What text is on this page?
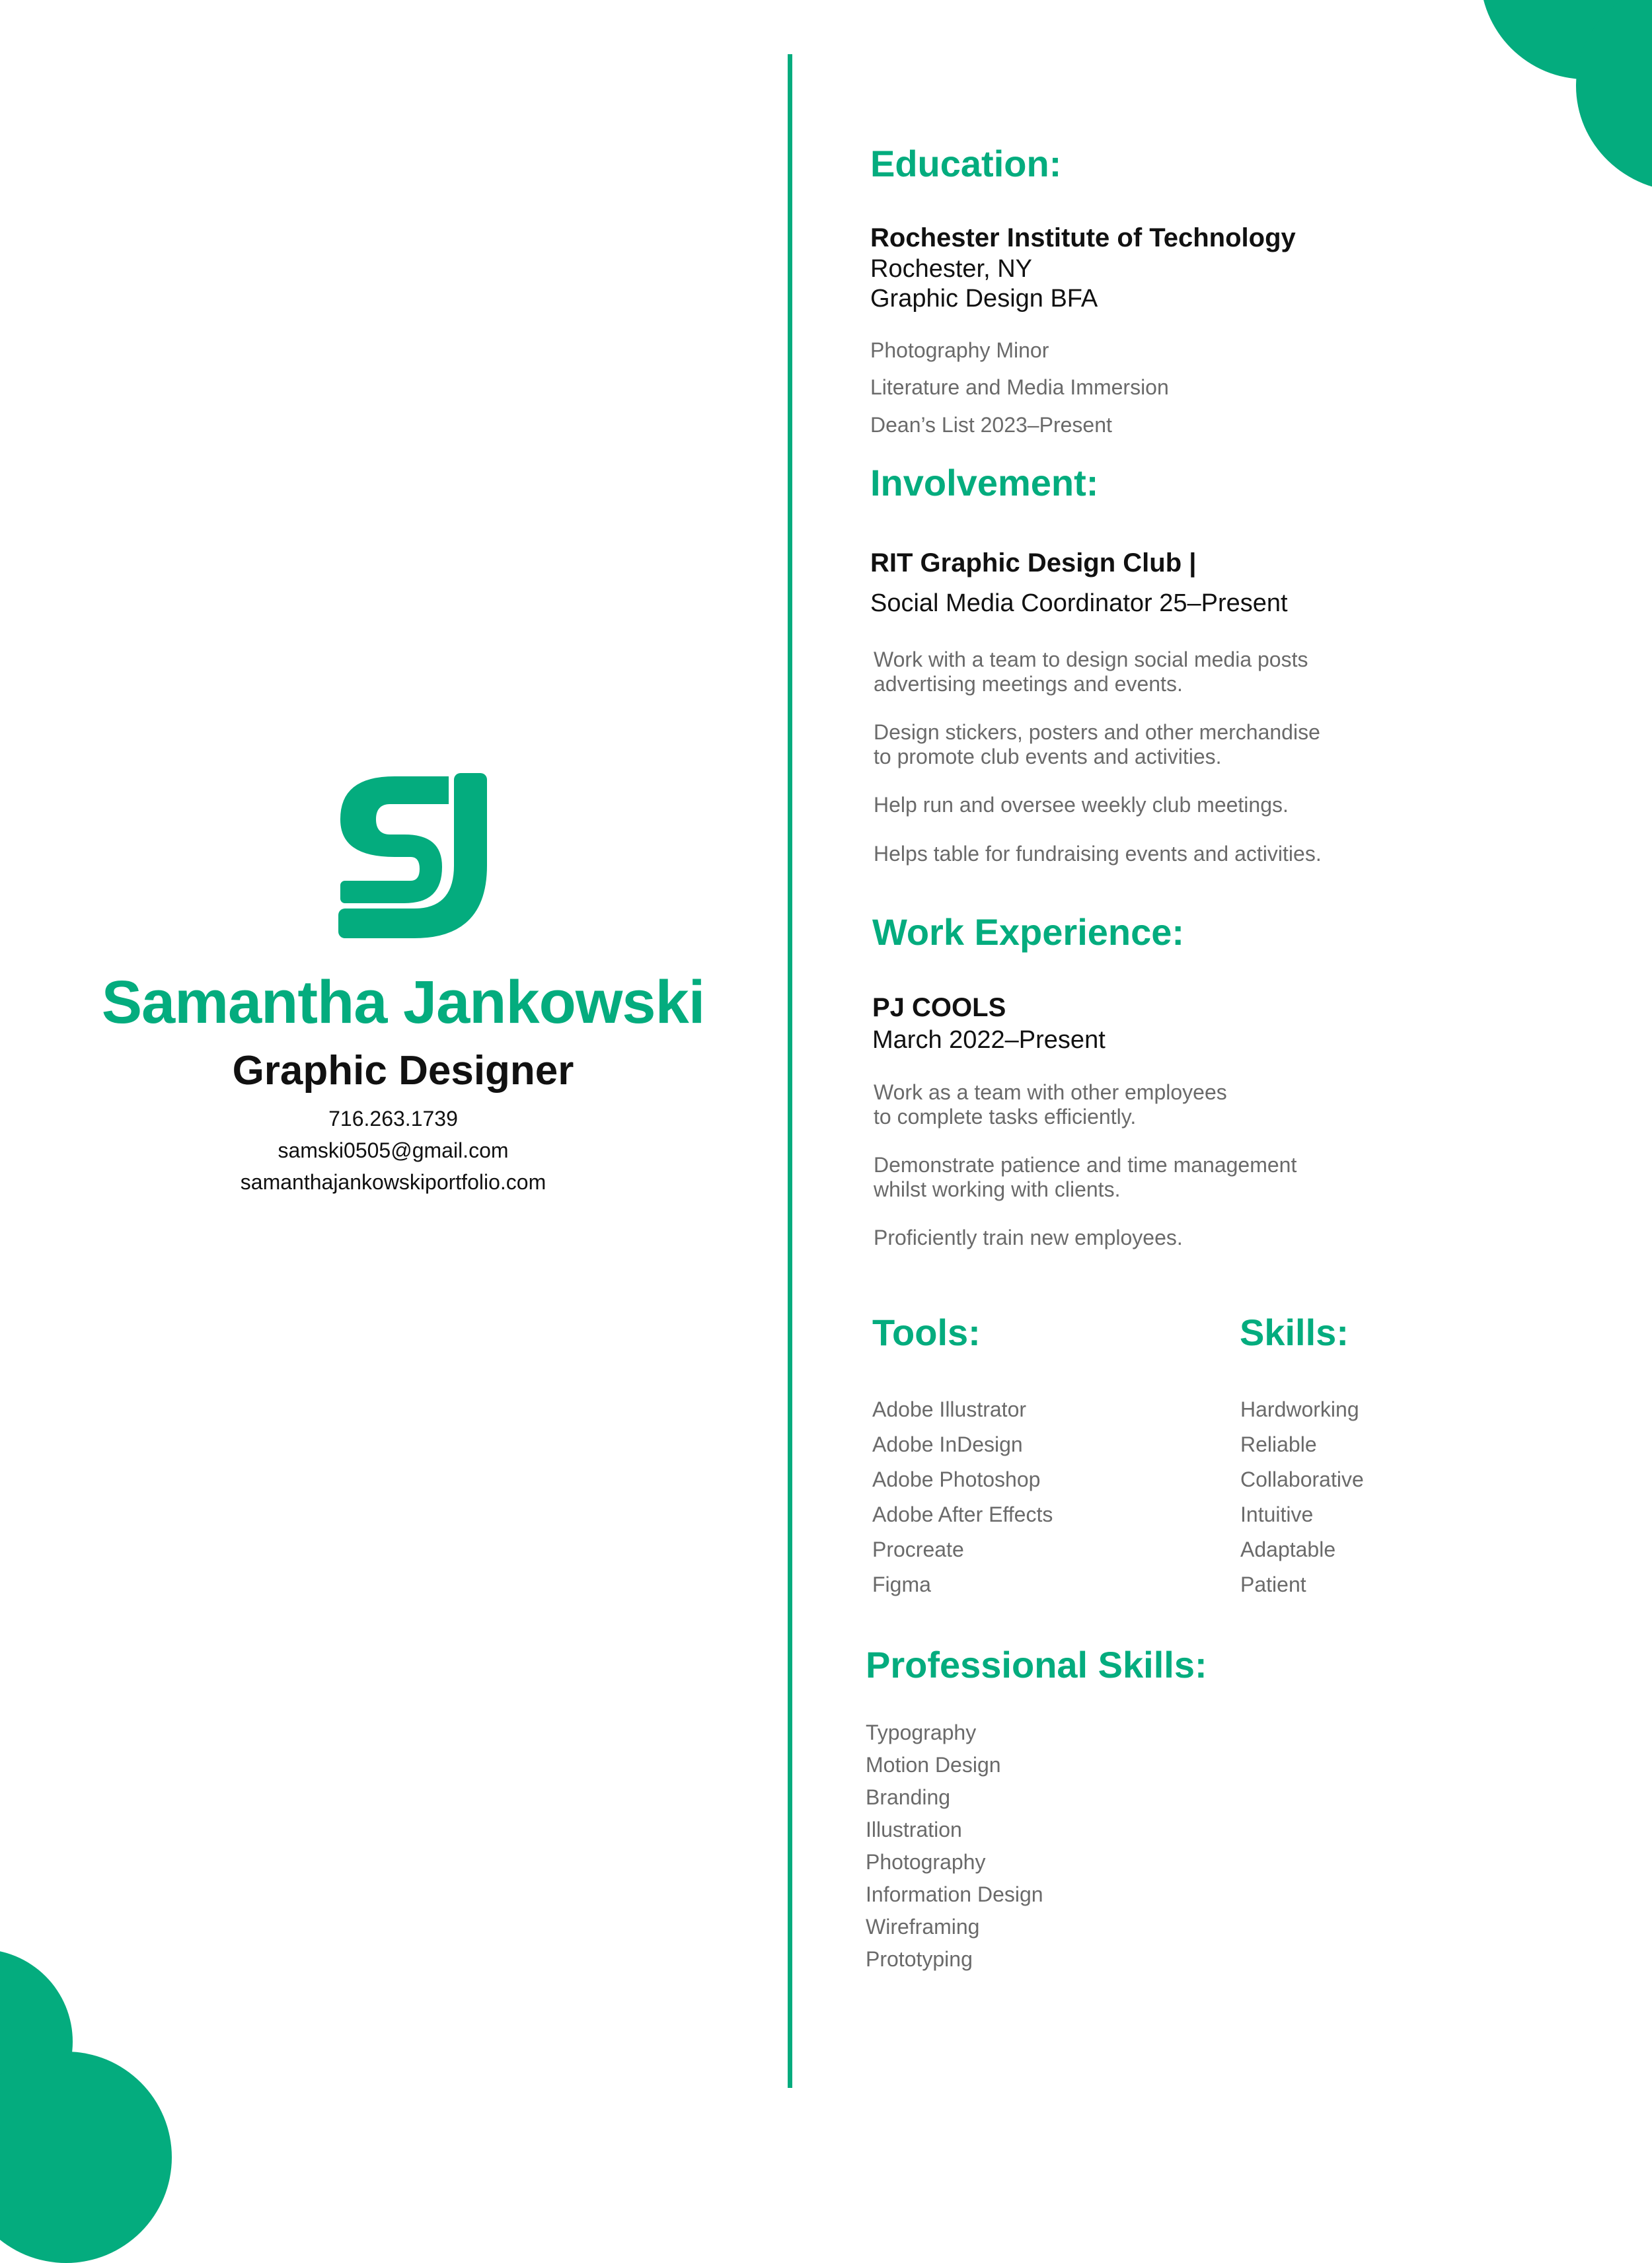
Samantha Jankowski
Graphic Designer
716.263.1739
samski0505@gmail.com
samanthajankowskiportfolio.com
Education:
Rochester Institute of Technology
Rochester, NY
Graphic Design BFA
Photography Minor
Literature and Media Immersion
Dean’s List 2023–Present
Involvement:
RIT Graphic Design Club |
Social Media Coordinator 25–Present
Work with a team to design social media posts
advertising meetings and events.
Design stickers, posters and other merchandise
to promote club events and activities.
Help run and oversee weekly club meetings.
Helps table for fundraising events and activities.
Work Experience:
PJ COOLS
March 2022–Present
Work as a team with other employees
to complete tasks efficiently.
Demonstrate patience and time management
whilst working with clients.
Proficiently train new employees.
Tools:
Adobe Illustrator
Adobe InDesign
Adobe Photoshop
Adobe After Effects
Procreate
Figma
Skills:
Hardworking
Reliable
Collaborative
Intuitive
Adaptable
Patient
Professional Skills:
Typography
Motion Design
Branding
Illustration
Photography
Information Design
Wireframing
Prototyping
